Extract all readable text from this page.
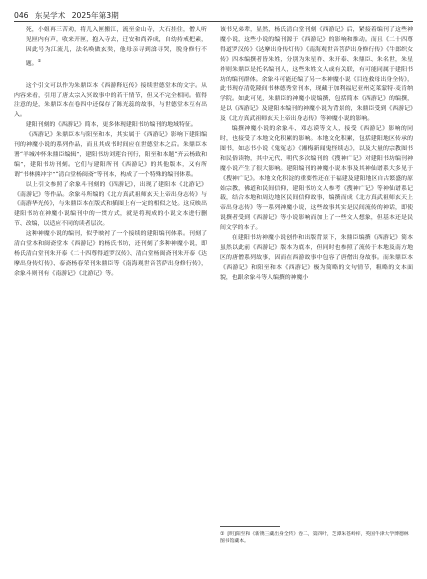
046 东吴学术 2025年第3期

死，小姐再三苦劝，将儿入匣搬江，流至金山寺，大石挂住，僧人听见匣内有声，收来开匣，抱入寺去，迁安和尚养成，自幼持戒把素，因此号为江流儿，法名唤做玄奘，他母亲寻到渰寻哭，脱身修行不题。①

这个引文可以作为朱鼎臣本《西游释厄传》接续世德堂本的文字。从内容来看，引用了唐太宗入冥故事中的若干情节，但又不完全相同。值得注意的是，朱鼎臣本在卷四中还保存了陈光蕊的故事，与世德堂本互有出入。

建阳刊刻的《西游记》简本，更多体现建阳书坊编刊的地域特征。

《西游记》朱鼎臣本与阳至和本，其实属于《西游记》影响下建阳编刊的神魔小说的系列作品，而且其成书时间应在世德堂本之后。朱鼎臣本署“羊城冲怀朱鼎臣编辑”，建阳书坊刘莲台刊行，阳至和本题“齐云杨致和编”，建阳书坊刊刻。它们与建阳所刊《西游记》的其他版本，又有所谓“书林熊冲宇”“清白堂杨闽斋”等刊本，构成了一个特殊的编刊体系。

以上引文参照了余象斗刊刻的《四游记》，出现了建阳本《北游记》《南游记》等作品。余象斗所编的《北方真武祖师玄天上帝出身志传》与《南游华光传》，与朱鼎臣本在版式和插图上有一定的相似之处。这反映出建阳书坊在神魔小说编刊中的一贯方式，就是将现成的小说文本进行删节、改编，以适应不同的读者层次。

这种神魔小说的编刊，似乎映衬了一个接续的建阳编刊体系。刊刻了清白堂本和闽斋堂本《西游记》的杨氏书坊，还刊刻了多种神魔小说，即杨氏清白堂刊朱开泰《二十四尊得道罗汉传》、清白堂杨闽斋刊朱开泰《达摩出身传灯传》、泰斋杨春荣刊朱鼎臣等《南海观世音菩萨出身修行传》，余象斗则刊有《南游记》《北游记》等。

该书兄弟辈，显然，杨氏清白堂刊刻《西游记》后，紧接着编刊了这些神魔小说，这些小说的编刊源于《西游记》的影响和推动。而且《二十四尊得道罗汉传》《达摩出身传灯传》《南海观世音菩萨出身修行传》《牛郎织女传》四本编撰者皆朱姓，分别为朱星祚、朱开泰、朱鼎臣、朱名世，朱星祚则朱鼎臣是托名编刊人，这些朱姓文人或有关联，有可能同属于建阳书坊的编刊群体。余象斗可能还编了另一本神魔小说《目连救母出身全传》，此书现存清乾隆间书林德秀堂刊本，现藏于加利福尼亚州克莱蒙特·麦肯纳学院。如此可见，朱鼎臣的神魔小说编撰，包括简本《西游记》的编撰，是以《西游记》及建阳本编刊的神魔小说为背景的，朱鼎臣受到《西游记》及《北方真武祖师玄天上帝出身志传》等神魔小说的影响。

编撰神魔小说的余象斗、邓志谟等文人，接受《西游记》影响的同时，也接受了本地文化积累的影响。本地文化积累，包括建阳地区传承的图书，如志书小说《鬼冤志》《湘梅新闻鬼怪续志》，以及大量的宗教图书和民俗读物，其中元代、明代多次编刊的《搜神广记》对建阳书坊编刊神魔小说产生了很大影响。建阳编刊的神魔小说本事及其神仙谱系大多见于《搜神广记》。本地文化积淀的重要性还在于福建及建阳地区自古繁盛的原始宗教，佛道和民间信仰，建阳书坊文人参考《搜神广记》等神仙谱系记载，结合本地和周边地区民间信仰故事，编撰而成《北方真武祖师玄天上帝出身志传》等一系列神魔小说，这些故事其实是民间流传的神话，即使说撰者受到《西游记》等小说影响而加上了一些文人想象，但基本还是民间文学的本子。

在建阳书坊神魔小说创作和出版背景下，朱鼎臣编撰《西游记》简本虽然以此前《西游记》版本为底本，但同时也参照了流传于本地及南方地区的唐僧系列故事，因而在西游故事中包容了唐僧出身故事。而朱鼎臣本《西游记》和阳至和本《西游记》极为简略的文句情节，粗略的文本面貌，也跟余象斗等人编撰的神魔小

① [明]阳至和《新镌三藏出身全传》卷二，第四叶，芝潭朱苍岭梓，英国牛津大学博德林图书馆藏本。
